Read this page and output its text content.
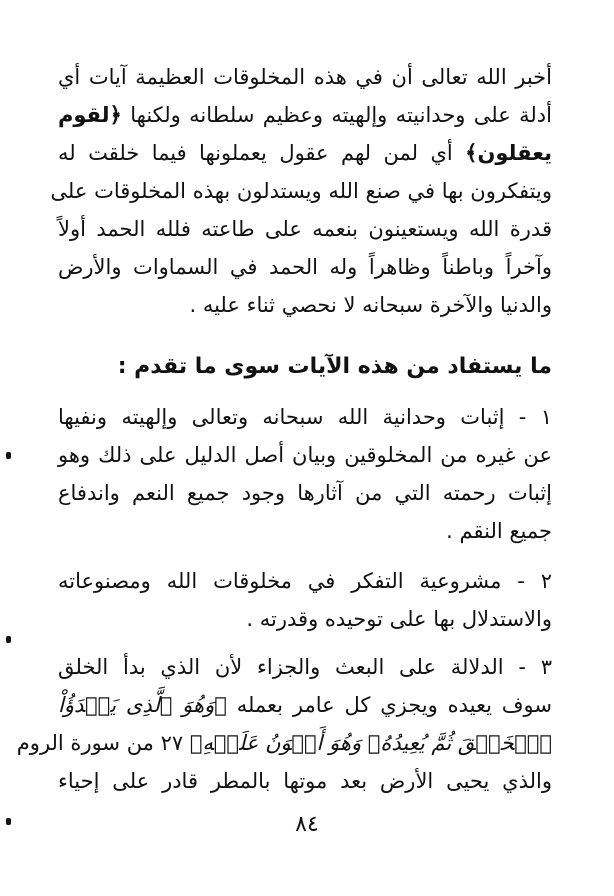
أخبر الله تعالى أن في هذه المخلوقات العظيمة آيات أي
أدلة على وحدانيته وإلهيته وعظيم سلطانه ولكنها ﴿لقوم
يعقلون﴾ أي لمن لهم عقول يعملونها فيما خلقت له
ويتفكرون بها في صنع الله ويستدلون بهذه المخلوقات على
قدرة الله ويستعينون بنعمه على طاعته فلله الحمد أولاً
وآخراً وباطناً وظاهراً وله الحمد في السماوات والأرض
والدنيا والآخرة سبحانه لا نحصي ثناء عليه .
ما يستفاد من هذه الآيات سوى ما تقدم :
١ - إثبات وحدانية الله سبحانه وتعالى وإلهيته ونفيها
عن غيره من المخلوقين وبيان أصل الدليل على ذلك وهو
إثبات رحمته التي من آثارها وجود جميع النعم واندفاع
جميع النقم .
٢ - مشروعية التفكر في مخلوقات الله ومصنوعاته
والاستدلال بها على توحيده وقدرته .
٣ - الدلالة على البعث والجزاء لأن الذي بدأ الخلق
سوف يعيده ويجزي كل عامر بعمله ﴿وَهُوَ ٱلَّذِى يَبۡدَؤُاْ
ٱلۡخَلۡقَ ثُمَّ يُعِيدُهُۥ وَهُوَ أَهۡوَنُ عَلَيۡهِ﴾ ٢٧ من سورة الروم
والذي يحيى الأرض بعد موتها بالمطر قادر على إحياء
٨٤
